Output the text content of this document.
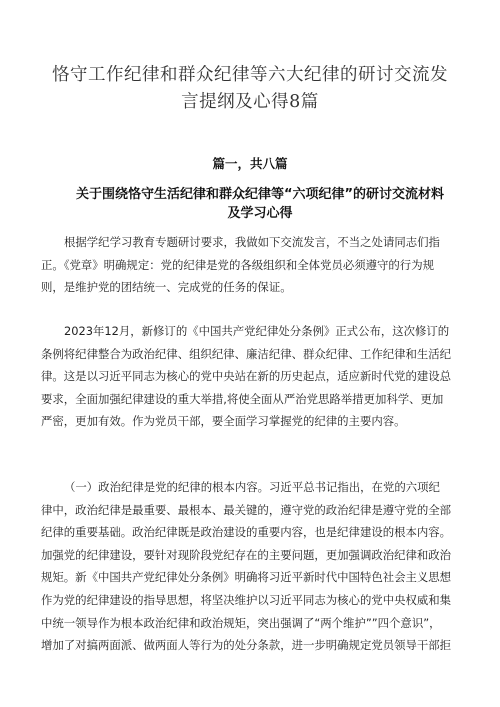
恪守工作纪律和群众纪律等六大纪律的研讨交流发
言提纲及心得8篇
篇一，共八篇
关于围绕恪守生活纪律和群众纪律等“六项纪律”的研讨交流材料
及学习心得

根据学纪学习教育专题研讨要求，我做如下交流发言，不当之处请同志们指
正。《党章》明确规定：党的纪律是党的各级组织和全体党员必须遵守的行为规
则，是维护党的团结统一、完成党的任务的保证。

2023年12月，新修订的《中国共产党纪律处分条例》正式公布，这次修订的
条例将纪律整合为政治纪律、组织纪律、廉洁纪律、群众纪律、工作纪律和生活纪
律。这是以习近平同志为核心的党中央站在新的历史起点，适应新时代党的建设总
要求，全面加强纪律建设的重大举措,将使全面从严治党思路举措更加科学、更加
严密，更加有效。作为党员干部，要全面学习掌握党的纪律的主要内容。

（一）政治纪律是党的纪律的根本内容。习近平总书记指出，在党的六项纪
律中，政治纪律是最重要、最根本、最关键的，遵守党的政治纪律是遵守党的全部
纪律的重要基础。政治纪律既是政治建设的重要内容，也是纪律建设的根本内容。
加强党的纪律建设，要针对现阶段党纪存在的主要问题，更加强调政治纪律和政治
规矩。新《中国共产党纪律处分条例》明确将习近平新时代中国特色社会主义思想
作为党的纪律建设的指导思想，将坚决维护以习近平同志为核心的党中央权威和集
中统一领导作为根本政治纪律和政治规矩，突出强调了“两个维护””四个意识”，
增加了对搞两面派、做两面人等行为的处分条款，进一步明确规定党员领导干部拒
